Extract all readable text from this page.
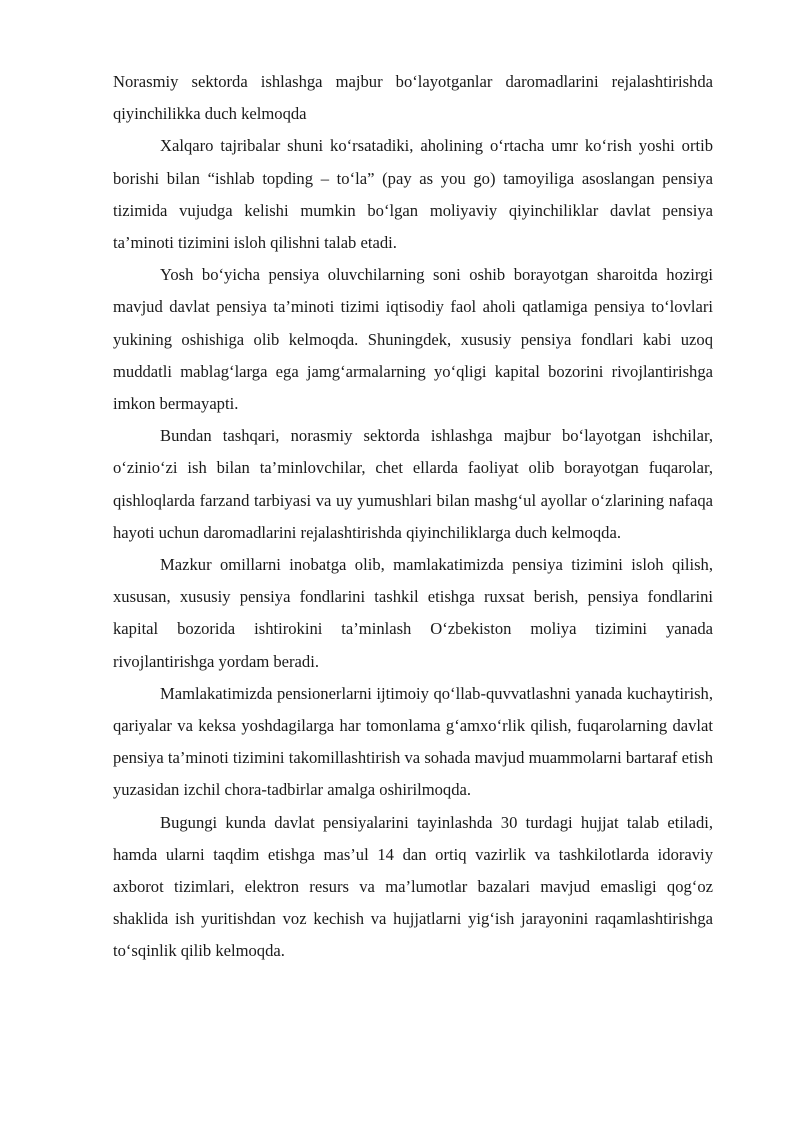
Norasmiy sektorda ishlashga majbur bo‘layotganlar daromadlarini rejalashtirishda qiyinchilikka duch kelmoqda

Xalqaro tajribalar shuni ko‘rsatadiki, aholining o‘rtacha umr ko‘rish yoshi ortib borishi bilan “ishlab topding – to‘la” (pay as you go) tamoyiliga asoslangan pensiya tizimida vujudga kelishi mumkin bo‘lgan moliyaviy qiyinchiliklar davlat pensiya ta’minoti tizimini isloh qilishni talab etadi.

Yosh bo‘yicha pensiya oluvchilarning soni oshib borayotgan sharoitda hozirgi mavjud davlat pensiya ta’minoti tizimi iqtisodiy faol aholi qatlamiga pensiya to‘lovlari yukining oshishiga olib kelmoqda. Shuningdek, xususiy pensiya fondlari kabi uzoq muddatli mablag‘larga ega jamg‘armalarning yo‘qligi kapital bozorini rivojlantirishga imkon bermayapti.

Bundan tashqari, norasmiy sektorda ishlashga majbur bo‘layotgan ishchilar, o‘zinio‘zi ish bilan ta’minlovchilar, chet ellarda faoliyat olib borayotgan fuqarolar, qishloqlarda farzand tarbiyasi va uy yumushlari bilan mashg‘ul ayollar o‘zlarining nafaqa hayoti uchun daromadlarini rejalashtirishda qiyinchiliklarga duch kelmoqda.

Mazkur omillarni inobatga olib, mamlakatimizda pensiya tizimini isloh qilish, xususan, xususiy pensiya fondlarini tashkil etishga ruxsat berish, pensiya fondlarini kapital bozorida ishtirokini ta’minlash O‘zbekiston moliya tizimini yanada rivojlantirishga yordam beradi.

Mamlakatimizda pensionerlarni ijtimoiy qo‘llab-quvvatlashni yanada kuchaytirish, qariyalar va keksa yoshdagilarga har tomonlama g‘amxo‘rlik qilish, fuqarolarning davlat pensiya ta’minoti tizimini takomillashtirish va sohada mavjud muammolarni bartaraf etish yuzasidan izchil chora-tadbirlar amalga oshirilmoqda.

Bugungi kunda davlat pensiyalarini tayinlashda 30 turdagi hujjat talab etiladi, hamda ularni taqdim etishga mas’ul 14 dan ortiq vazirlik va tashkilotlarda idoraviy axborot tizimlari, elektron resurs va ma’lumotlar bazalari mavjud emasligi qog‘oz shaklida ish yuritishdan voz kechish va hujjatlarni yig‘ish jarayonini raqamlashtirishga to‘sqinlik qilib kelmoqda.
